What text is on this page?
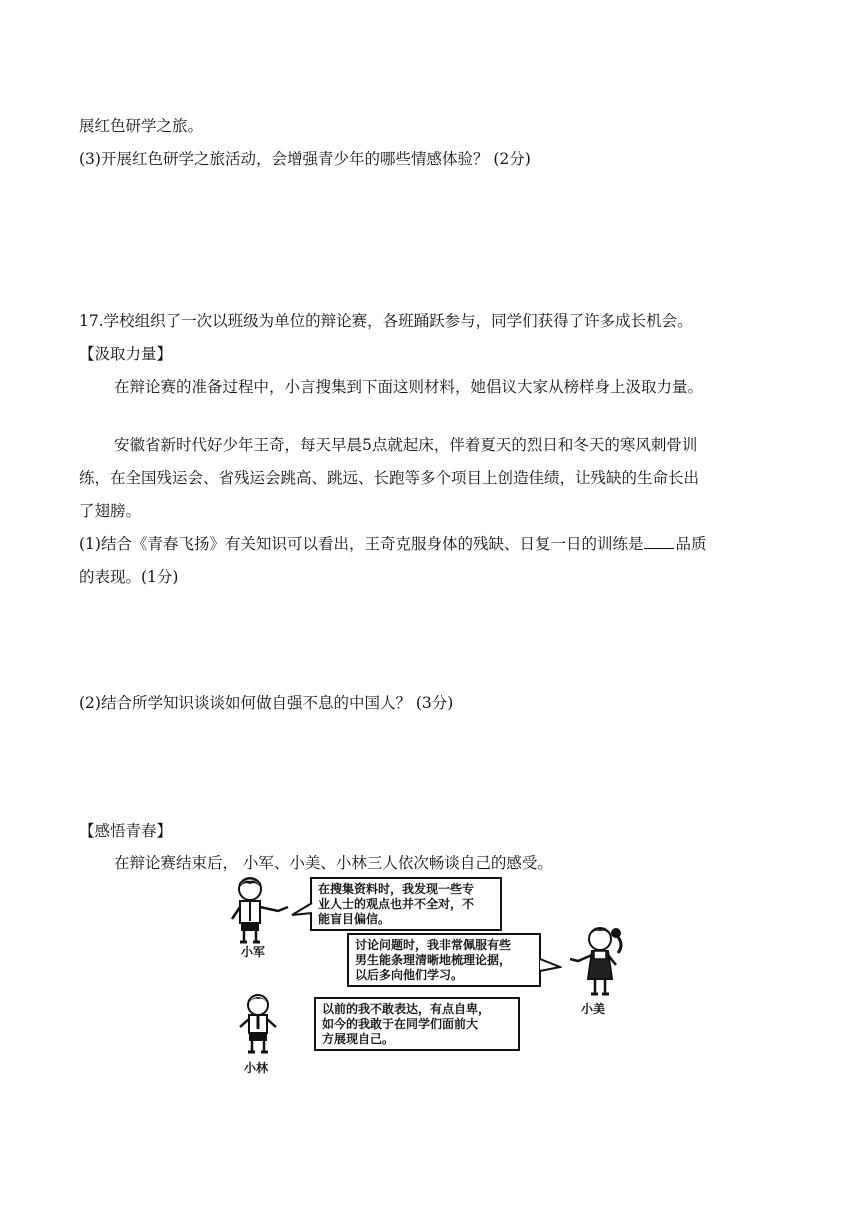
展红色研学之旅。
(3)开展红色研学之旅活动，会增强青少年的哪些情感体验？ (2分)
17.学校组织了一次以班级为单位的辩论赛，各班踊跃参与，同学们获得了许多成长机会。
【汲取力量】
在辩论赛的准备过程中，小言搜集到下面这则材料，她倡议大家从榜样身上汲取力量。
安徽省新时代好少年王奇，每天早晨5点就起床，伴着夏天的烈日和冬天的寒风刺骨训
练，在全国残运会、省残运会跳高、跳远、长跑等多个项目上创造佳绩，让残缺的生命长出
了翅膀。
(1)结合《青春飞扬》有关知识可以看出，王奇克服身体的残缺、日复一日的训练是 品质
的表现。(1分)
(2)结合所学知识谈谈如何做自强不息的中国人？ (3分)
【感悟青春】
在辩论赛结束后， 小军、小美、小林三人依次畅谈自己的感受。
小军
在搜集资料时，我发现一些专
业人士的观点也并不全对，不
能盲目偏信。
讨论问题时，我非常佩服有些
男生能条理清晰地梳理论据，
以后多向他们学习。
小美
以前的我不敢表达，有点自卑，
如今的我敢于在同学们面前大
方展现自己。
小林
